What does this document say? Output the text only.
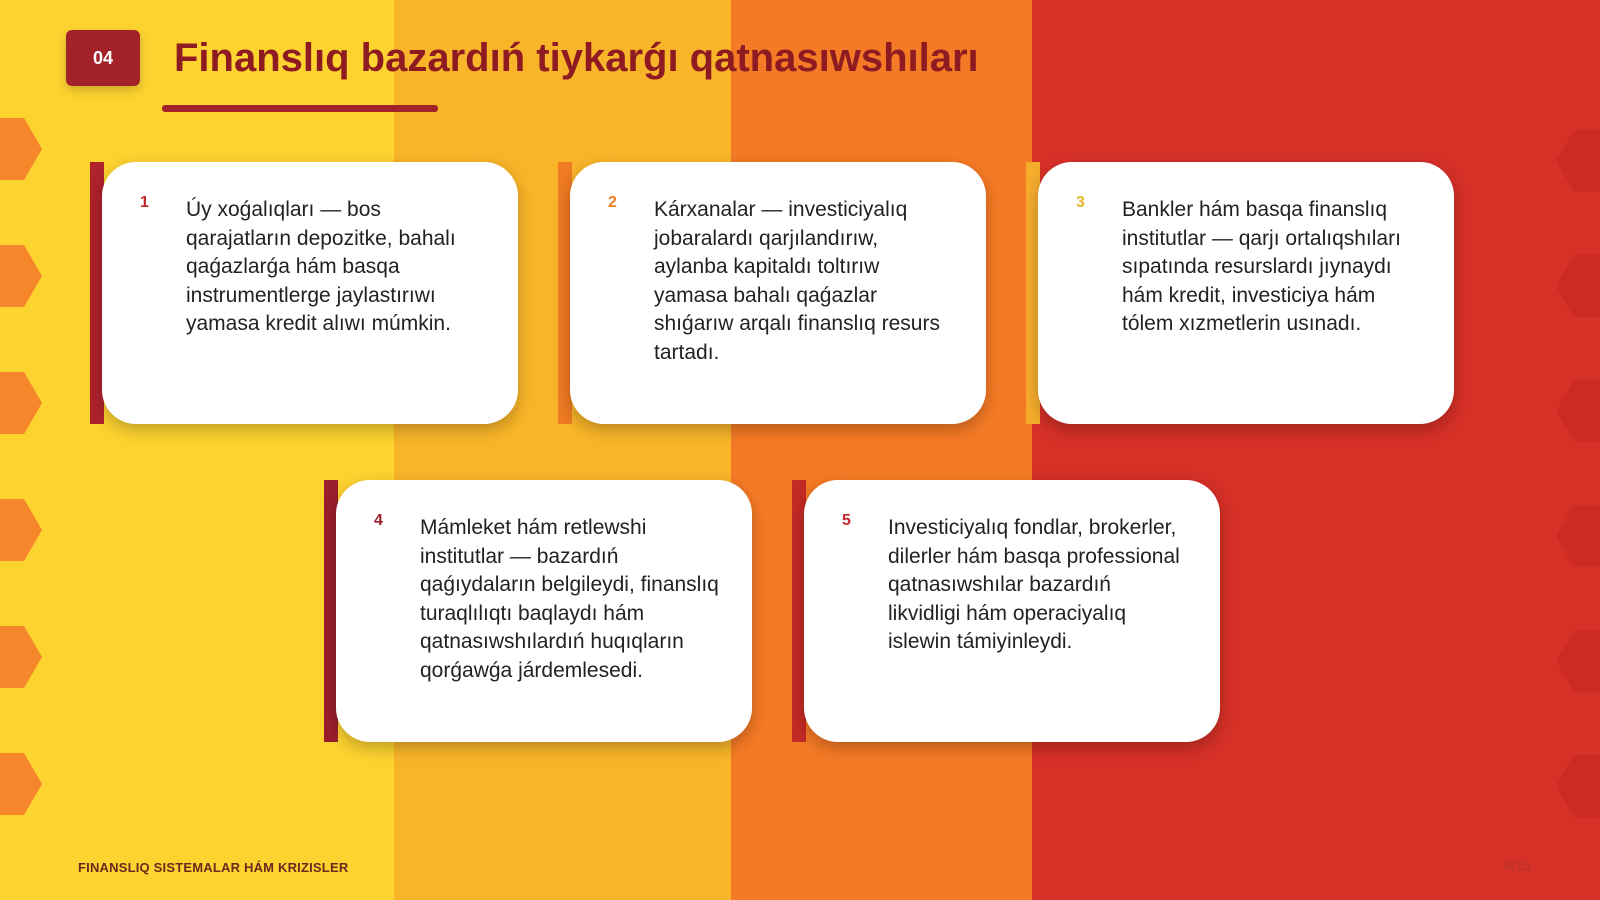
04	Finanslıq bazardıń tiykarǵı qatnasıwshıları
1 Úy xoǵalıqları — bos qarajatların depozitke, bahalı qaǵazlarǵa hám basqa instrumentlerge jaylastırıwı yamasa kredit alıwı múmkin.
2 Kárxanalar — investiciyalıq jobaralardı qarjılandırıw, aylanba kapitaldı toltırıw yamasa bahalı qaǵazlar shıǵarıw arqalı finanslıq resurs tartadı.
3 Bankler hám basqa finanslıq institutlar — qarjı ortalıqshıları sıpatında resurslardı jıynaydı hám kredit, investiciya hám tólem xızmetlerin usınadı.
4 Mámleket hám retlewshi institutlar — bazardıń qaǵıydaların belgileydi, finanslıq turaqlılıqtı baqlaydı hám qatnasıwshılardıń huqıqların qorǵawǵa járdemlesedi.
5 Investiciyalıq fondlar, brokerler, dilerler hám basqa professional qatnasıwshılar bazardıń likvidligi hám operaciyalıq islewin támiyinleydi.
FINANSLIQ SISTEMALAR HÁM KRIZISLER	4/16
